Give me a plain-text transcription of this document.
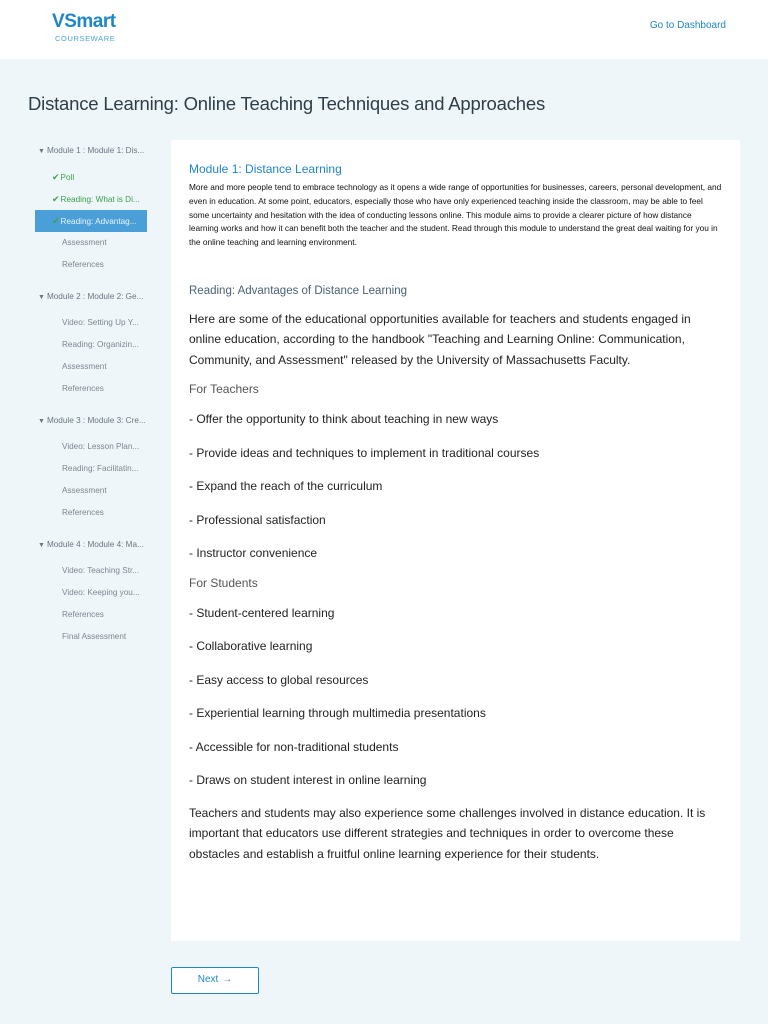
VSmart
COURSEWARE
Go to Dashboard
Distance Learning: Online Teaching Techniques and Approaches
▼ Module 1 : Module 1: Dis...
✔Poll
✔Reading: What is Di...
✔Reading: Advantag...
Assessment
References
▼ Module 2 : Module 2: Ge...
Video: Setting Up Y...
Reading: Organizin...
Assessment
References
▼ Module 3 : Module 3: Cre...
Video: Lesson Plan...
Reading: Facilitatin...
Assessment
References
▼ Module 4 : Module 4: Ma...
Video: Teaching Str...
Video: Keeping you...
References
Final Assessment
Module 1: Distance Learning

More and more people tend to embrace technology as it opens a wide range of opportunities for businesses, careers, personal development, and even in education. At some point, educators, especially those who have only experienced teaching inside the classroom, may be able to feel some uncertainty and hesitation with the idea of conducting lessons online. This module aims to provide a clearer picture of how distance learning works and how it can benefit both the teacher and the student. Read through this module to understand the great deal waiting for you in the online teaching and learning environment.

Reading: Advantages of Distance Learning

Here are some of the educational opportunities available for teachers and students engaged in online education, according to the handbook "Teaching and Learning Online: Communication, Community, and Assessment" released by the University of Massachusetts Faculty.

For Teachers
- Offer the opportunity to think about teaching in new ways
- Provide ideas and techniques to implement in traditional courses
- Expand the reach of the curriculum
- Professional satisfaction
- Instructor convenience
For Students
- Student-centered learning
- Collaborative learning
- Easy access to global resources
- Experiential learning through multimedia presentations
- Accessible for non-traditional students
- Draws on student interest in online learning

Teachers and students may also experience some challenges involved in distance education. It is important that educators use different strategies and techniques in order to overcome these obstacles and establish a fruitful online learning experience for their students.

Next →
